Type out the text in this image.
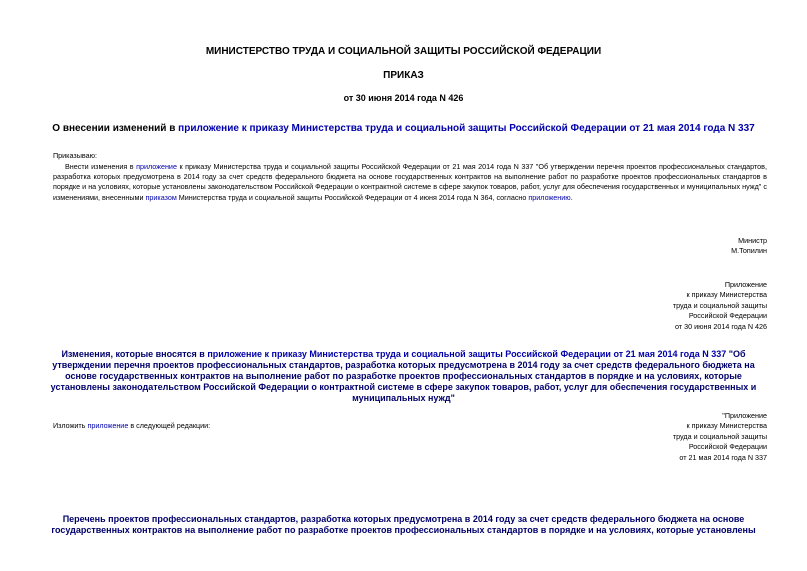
МИНИСТЕРСТВО ТРУДА И СОЦИАЛЬНОЙ ЗАЩИТЫ РОССИЙСКОЙ ФЕДЕРАЦИИ
ПРИКАЗ
от 30 июня 2014 года N 426
О внесении изменений в приложение к приказу Министерства труда и социальной защиты Российской Федерации от 21 мая 2014 года N 337
Приказываю:
Внести изменения в приложение к приказу Министерства труда и социальной защиты Российской Федерации от 21 мая 2014 года N 337 "Об утверждении перечня проектов профессиональных стандартов, разработка которых предусмотрена в 2014 году за счет средств федерального бюджета на основе государственных контрактов на выполнение работ по разработке проектов профессиональных стандартов в порядке и на условиях, которые установлены законодательством Российской Федерации о контрактной системе в сфере закупок товаров, работ, услуг для обеспечения государственных и муниципальных нужд" с изменениями, внесенными приказом Министерства труда и социальной защиты Российской Федерации от 4 июня 2014 года N 364, согласно приложению.
Министр
М.Топилин
Приложение
к приказу Министерства
труда и социальной защиты
Российской Федерации
от 30 июня 2014 года N 426
Изменения, которые вносятся в приложение к приказу Министерства труда и социальной защиты Российской Федерации от 21 мая 2014 года N 337 "Об утверждении перечня проектов профессиональных стандартов, разработка которых предусмотрена в 2014 году за счет средств федерального бюджета на основе государственных контрактов на выполнение работ по разработке проектов профессиональных стандартов в порядке и на условиях, которые установлены законодательством Российской Федерации о контрактной системе в сфере закупок товаров, работ, услуг для обеспечения государственных и муниципальных нужд"
Изложить приложение в следующей редакции:
"Приложение
к приказу Министерства
труда и социальной защиты
Российской Федерации
от 21 мая 2014 года N 337
Перечень проектов профессиональных стандартов, разработка которых предусмотрена в 2014 году за счет средств федерального бюджета на основе государственных контрактов на выполнение работ по разработке проектов профессиональных стандартов в порядке и на условиях, которые установлены
